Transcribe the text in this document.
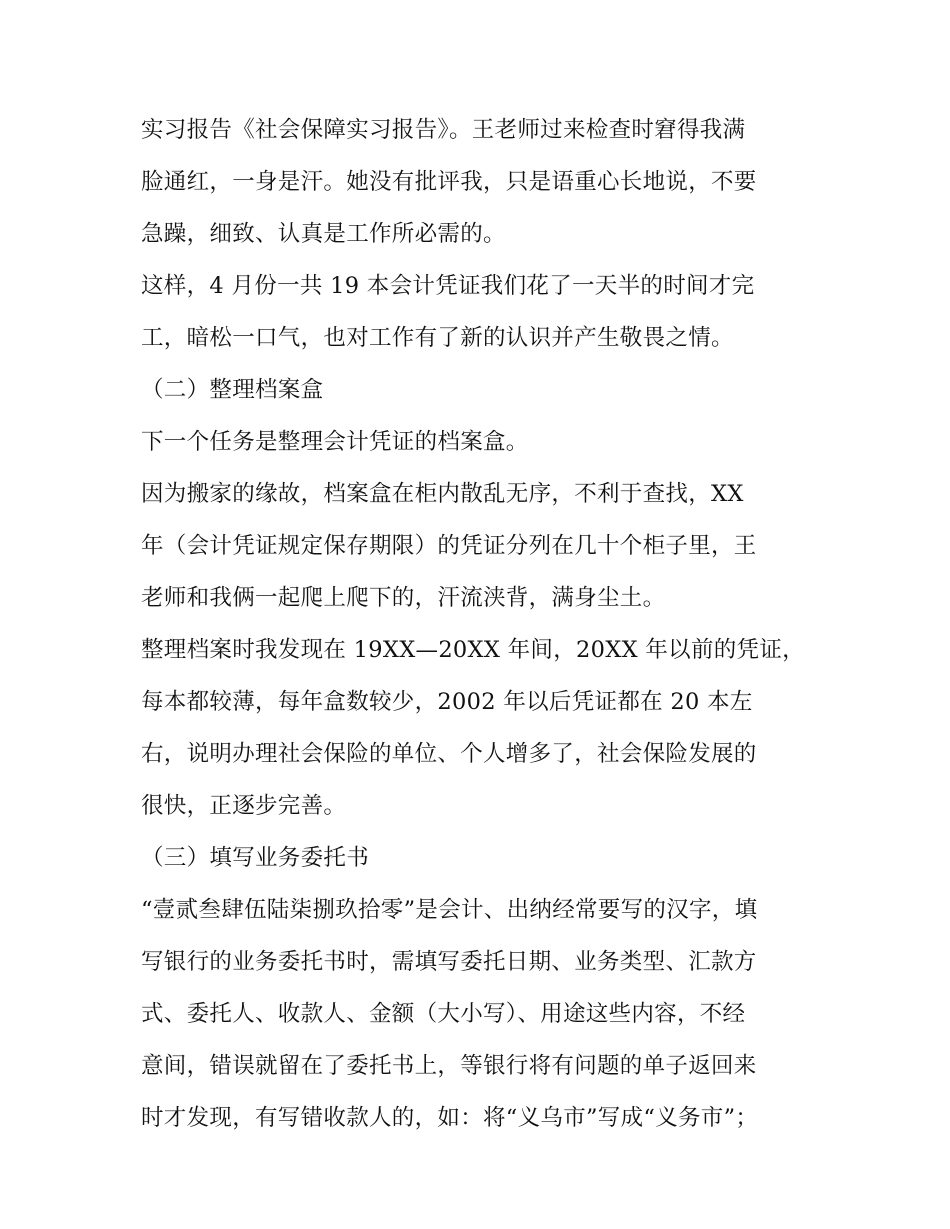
实习报告《社会保障实习报告》。王老师过来检查时窘得我满
脸通红，一身是汗。她没有批评我，只是语重心长地说，不要
急躁，细致、认真是工作所必需的。
这样，4 月份一共 19 本会计凭证我们花了一天半的时间才完
工，暗松一口气，也对工作有了新的认识并产生敬畏之情。
（二）整理档案盒
下一个任务是整理会计凭证的档案盒。
因为搬家的缘故，档案盒在柜内散乱无序，不利于查找，XX
年（会计凭证规定保存期限）的凭证分列在几十个柜子里，王
老师和我俩一起爬上爬下的，汗流浃背，满身尘土。
整理档案时我发现在 19XX—20XX 年间，20XX 年以前的凭证，
每本都较薄，每年盒数较少，2002 年以后凭证都在 20 本左
右，说明办理社会保险的单位、个人增多了，社会保险发展的
很快，正逐步完善。
（三）填写业务委托书
“壹贰叁肆伍陆柒捌玖拾零”是会计、出纳经常要写的汉字，填
写银行的业务委托书时，需填写委托日期、业务类型、汇款方
式、委托人、收款人、金额（大小写）、用途这些内容，不经
意间，错误就留在了委托书上，等银行将有问题的单子返回来
时才发现，有写错收款人的，如：将“义乌市”写成“义务市”；
